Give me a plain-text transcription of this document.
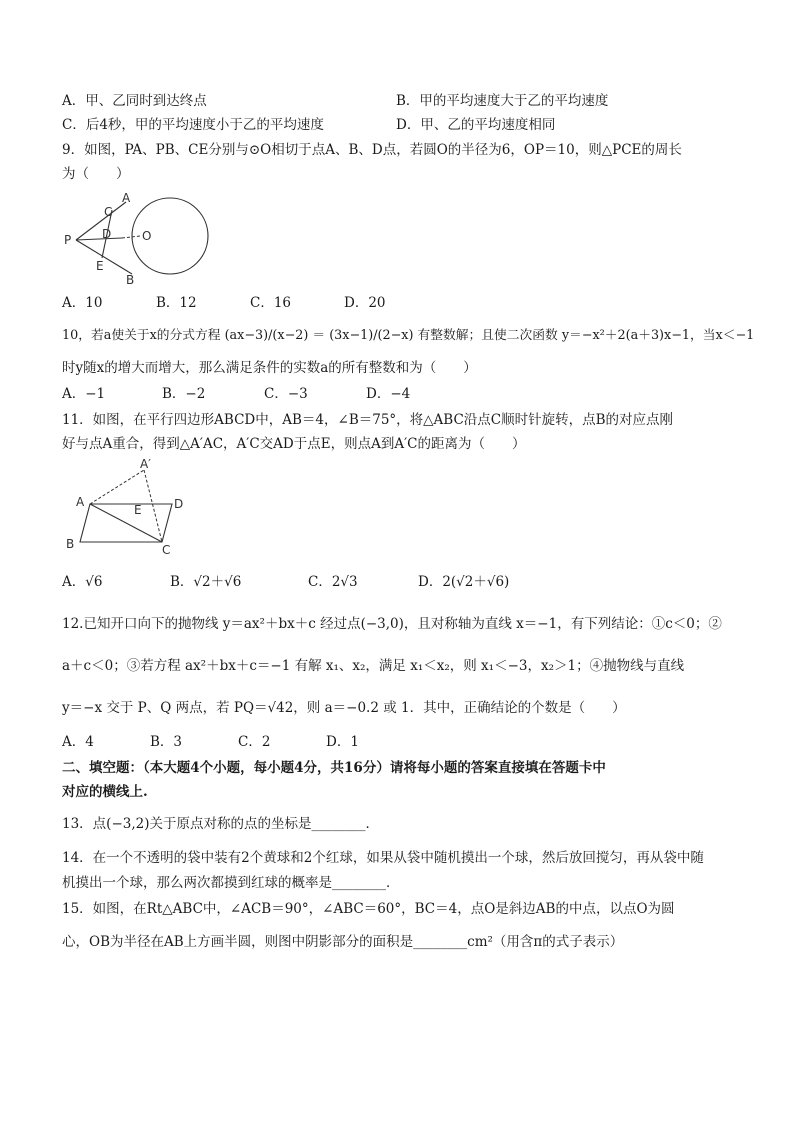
A．甲、乙同时到达终点	B．甲的平均速度大于乙的平均速度
C．后4秒，甲的平均速度小于乙的平均速度	D．甲、乙的平均速度相同
9．如图，PA、PB、CE分别与⊙O相切于点A、B、D点，若圆O的半径为6，OP＝10，则△PCE的周长
为（　　）
P
A
B
C
D
E
O
A．10	B．12	C．16	D．20
10，若a使关于x的分式方程 (ax−3)/(x−2) ＝ (3x−1)/(2−x) 有整数解；且使二次函数 y＝−x²＋2(a＋3)x−1，当x＜−1
时y随x的增大而增大，那么满足条件的实数a的所有整数和为（　　）
A．−1	B．−2	C．−3	D．−4
11．如图，在平行四边形ABCD中，AB＝4，∠B＝75°，将△ABC沿点C顺时针旋转，点B的对应点刚
好与点A重合，得到△A′AC，A′C交AD于点E，则点A到A′C的距离为（　　）
A
A′
B	C
D
E
A．√6	B．√2＋√6	C．2√3	D．2(√2＋√6)
12.已知开口向下的抛物线 y＝ax²＋bx＋c 经过点(−3,0)，且对称轴为直线 x＝−1，有下列结论：①c＜0；②
a＋c＜0；③若方程 ax²＋bx＋c＝−1 有解 x₁、x₂，满足 x₁＜x₂，则 x₁＜−3，x₂＞1；④抛物线与直线
y＝−x 交于 P、Q 两点，若 PQ＝√42，则 a＝−0.2 或 1．其中，正确结论的个数是（　　）
A．4	B．3	C．2	D．1
二、填空题：（本大题4个小题，每小题4分，共16分）请将每小题的答案直接填在答题卡中
对应的横线上.
13．点(−3,2)关于原点对称的点的坐标是________．
14．在一个不透明的袋中装有2个黄球和2个红球，如果从袋中随机摸出一个球，然后放回搅匀，再从袋中随
机摸出一个球，那么两次都摸到红球的概率是________．
15．如图，在Rt△ABC中，∠ACB＝90°，∠ABC＝60°，BC＝4，点O是斜边AB的中点，以点O为圆
心，OB为半径在AB上方画半圆，则图中阴影部分的面积是________cm²（用含π的式子表示）
